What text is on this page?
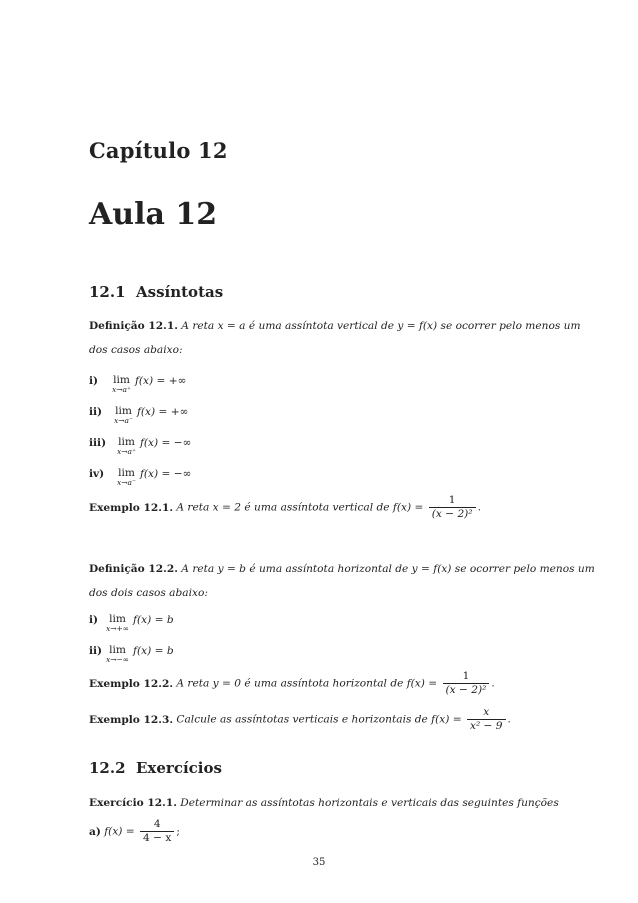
Capítulo 12
Aula 12
12.1 Assíntotas
Definição 12.1. A reta x = a é uma assíntota vertical de y = f(x) se ocorrer pelo menos um
dos casos abaixo:
i) lim
x→a⁺
f(x) = +∞
ii) lim
x→a⁻
f(x) = +∞
iii) lim
x→a⁺
f(x) = −∞
iv) lim
x→a⁻
f(x) = −∞
Exemplo 12.1. A reta x = 2 é uma assíntota vertical de $f(x) = \frac{1}{\text{(x − 2)²}}$ .
Definição 12.2. A reta y = b é uma assíntota horizontal de y = f(x) se ocorrer pelo menos um
dos dois casos abaixo:
i) lim
x→+∞
f(x) = b
ii) lim
x→−∞
f(x) = b
Exemplo 12.2. A reta y = 0 é uma assíntota horizontal de $f(x) = \frac{1}{\text{(x − 2)²}}$ .
Exemplo 12.3. Calcule as assíntotas verticais e horizontais de $f(x) = \frac{x}{\text{x² − 9}}$ .
12.2 Exercícios
Exercício 12.1. Determinar as assíntotas horizontais e verticais das seguintes funções
a) $f(x) = \frac{4}{4 - x}$ ;
35
